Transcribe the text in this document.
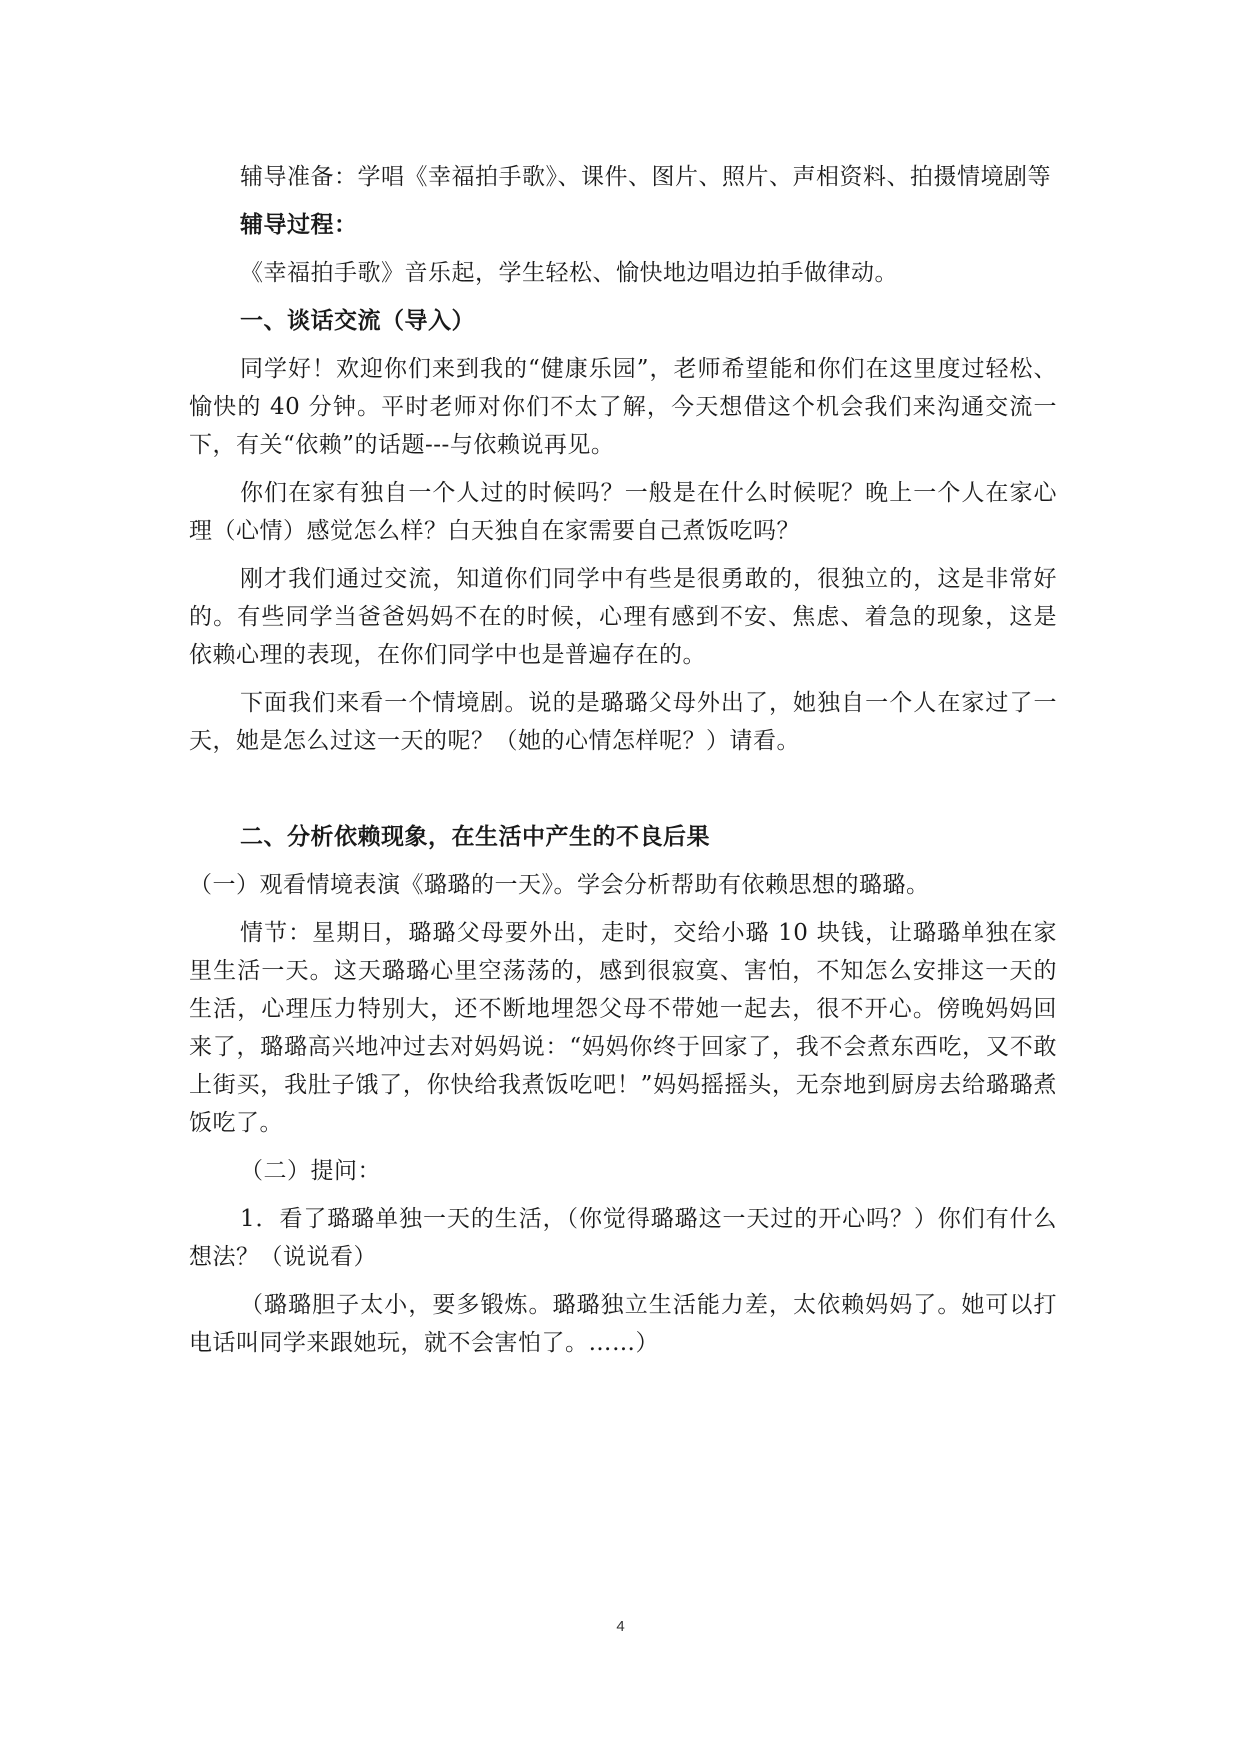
辅导准备：学唱《幸福拍手歌》、课件、图片、照片、声相资料、拍摄情境剧等

辅导过程：

《幸福拍手歌》音乐起，学生轻松、愉快地边唱边拍手做律动。

一、谈话交流（导入）

同学好！欢迎你们来到我的“健康乐园”，老师希望能和你们在这里度过轻松、愉快的 40 分钟。平时老师对你们不太了解，今天想借这个机会我们来沟通交流一下，有关“依赖”的话题---与依赖说再见。

你们在家有独自一个人过的时候吗？一般是在什么时候呢？晚上一个人在家心理（心情）感觉怎么样？白天独自在家需要自己煮饭吃吗？

刚才我们通过交流，知道你们同学中有些是很勇敢的，很独立的，这是非常好的。有些同学当爸爸妈妈不在的时候，心理有感到不安、焦虑、着急的现象，这是依赖心理的表现，在你们同学中也是普遍存在的。

下面我们来看一个情境剧。说的是璐璐父母外出了，她独自一个人在家过了一天，她是怎么过这一天的呢？（她的心情怎样呢？）请看。

二、分析依赖现象，在生活中产生的不良后果

（一）观看情境表演《璐璐的一天》。学会分析帮助有依赖思想的璐璐。

情节：星期日，璐璐父母要外出，走时，交给小璐 10 块钱，让璐璐单独在家里生活一天。这天璐璐心里空荡荡的，感到很寂寞、害怕，不知怎么安排这一天的生活，心理压力特别大，还不断地埋怨父母不带她一起去，很不开心。傍晚妈妈回来了，璐璐高兴地冲过去对妈妈说：“妈妈你终于回家了，我不会煮东西吃，又不敢上街买，我肚子饿了，你快给我煮饭吃吧！”妈妈摇摇头，无奈地到厨房去给璐璐煮饭吃了。

（二）提问：

1．看了璐璐单独一天的生活，（你觉得璐璐这一天过的开心吗？）你们有什么想法？（说说看）

（璐璐胆子太小，要多锻炼。璐璐独立生活能力差，太依赖妈妈了。她可以打电话叫同学来跟她玩，就不会害怕了。……）

4
